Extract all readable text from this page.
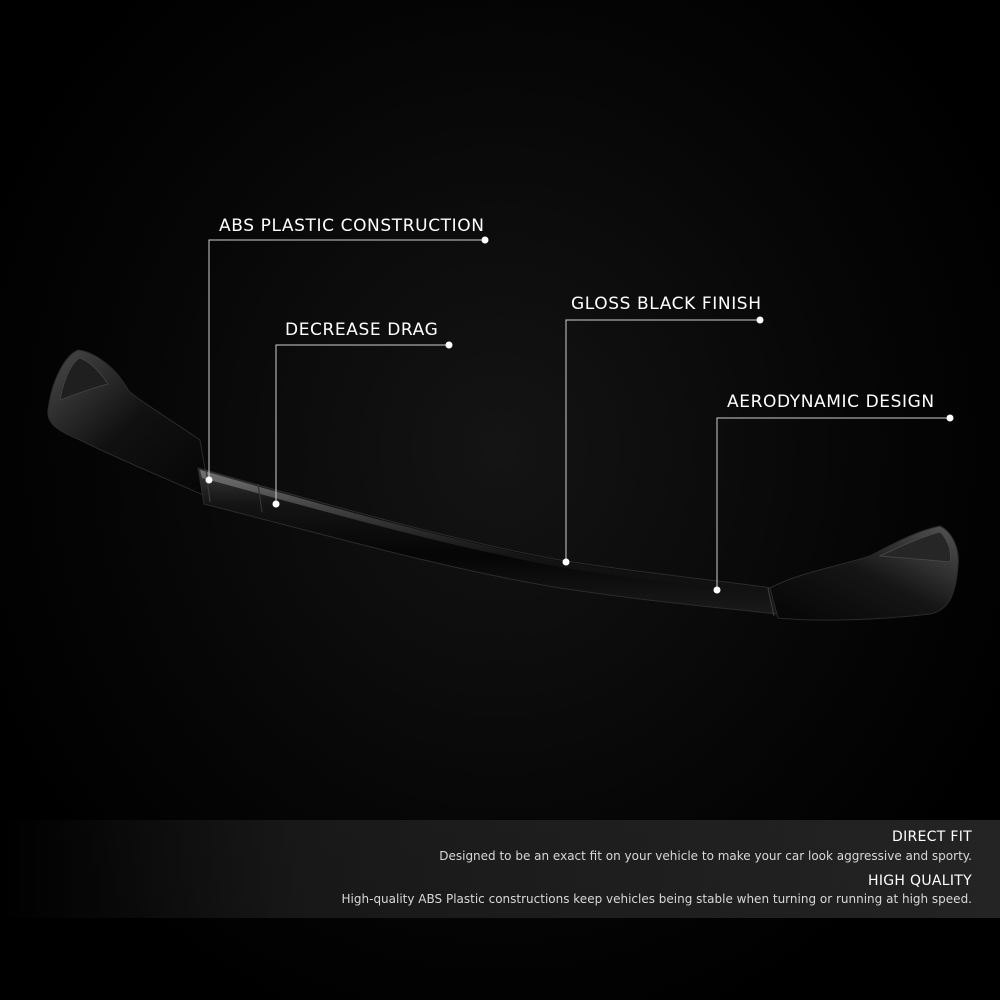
ABS PLASTIC CONSTRUCTION
DECREASE DRAG
GLOSS BLACK FINISH
AERODYNAMIC DESIGN
DIRECT FIT
Designed to be an exact fit on your vehicle to make your car look aggressive and sporty.
HIGH QUALITY
High-quality ABS Plastic constructions keep vehicles being stable when turning or running at high speed.
